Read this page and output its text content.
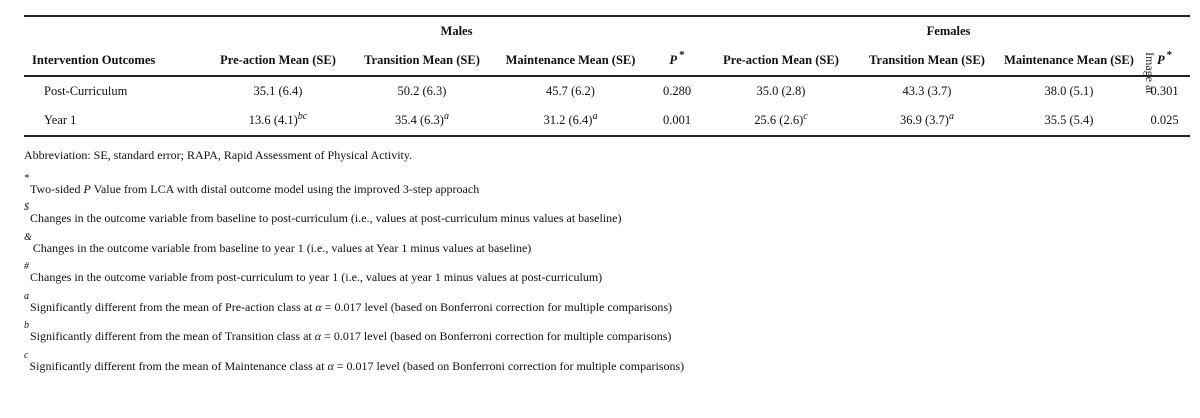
	Males				Females			
Intervention Outcomes	Pre-action Mean (SE)	Transition Mean (SE)	Maintenance Mean (SE)	P *	Pre-action Mean (SE)	Transition Mean (SE)	Maintenance Mean (SE)	P *
Post-Curriculum	35.1 (6.4)	50.2 (6.3)	45.7 (6.2)	0.280	35.0 (2.8)	43.3 (3.7)	38.0 (5.1)	0.301
Year 1	13.6 $(4.1)^{bc}$	35.4 $(6.3)^a$	31.2 $(6.4)^a$	0.001	25.6 $(2.6)^c$	36.9 $(3.7)^a$	35.5 (5.4)	0.025
Image at
Abbreviation: SE, standard error; RAPA, Rapid Assessment of Physical Activity.
*
Two-sided P Value from LCA with distal outcome model using the improved 3-step approach
$
Changes in the outcome variable from baseline to post-curriculum (i.e., values at post-curriculum minus values at baseline)
&
Changes in the outcome variable from baseline to year 1 (i.e., values at Year 1 minus values at baseline)
#
Changes in the outcome variable from post-curriculum to year 1 (i.e., values at year 1 minus values at post-curriculum)
a
Significantly different from the mean of Pre-action class at α = 0.017 level (based on Bonferroni correction for multiple comparisons)
b
Significantly different from the mean of Transition class at α = 0.017 level (based on Bonferroni correction for multiple comparisons)
c
Significantly different from the mean of Maintenance class at α = 0.017 level (based on Bonferroni correction for multiple comparisons)
